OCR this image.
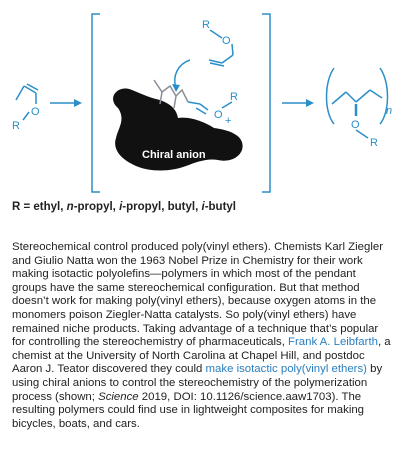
O
R
R
O
Chiral anion
O +
R
O
R
n
R = ethyl, n-propyl, i-propyl, butyl, i-butyl
Stereochemical control produced poly(vinyl ethers). Chemists Karl Ziegler and Giulio Natta won the 1963 Nobel Prize in Chemistry for their work making isotactic polyolefins—polymers in which most of the pendant groups have the same stereochemical configuration. But that method doesn’t work for making poly(vinyl ethers), because oxygen atoms in the monomers poison Ziegler-Natta catalysts. So poly(vinyl ethers) have remained niche products. Taking advantage of a technique that’s popular for controlling the stereochemistry of pharmaceuticals, Frank A. Leibfarth, a chemist at the University of North Carolina at Chapel Hill, and postdoc Aaron J. Teator discovered they could make isotactic poly(vinyl ethers) by using chiral anions to control the stereochemistry of the polymerization process (shown; Science 2019, DOI: 10.1126/science.aaw1703). The resulting polymers could find use in lightweight composites for making bicycles, boats, and cars.
